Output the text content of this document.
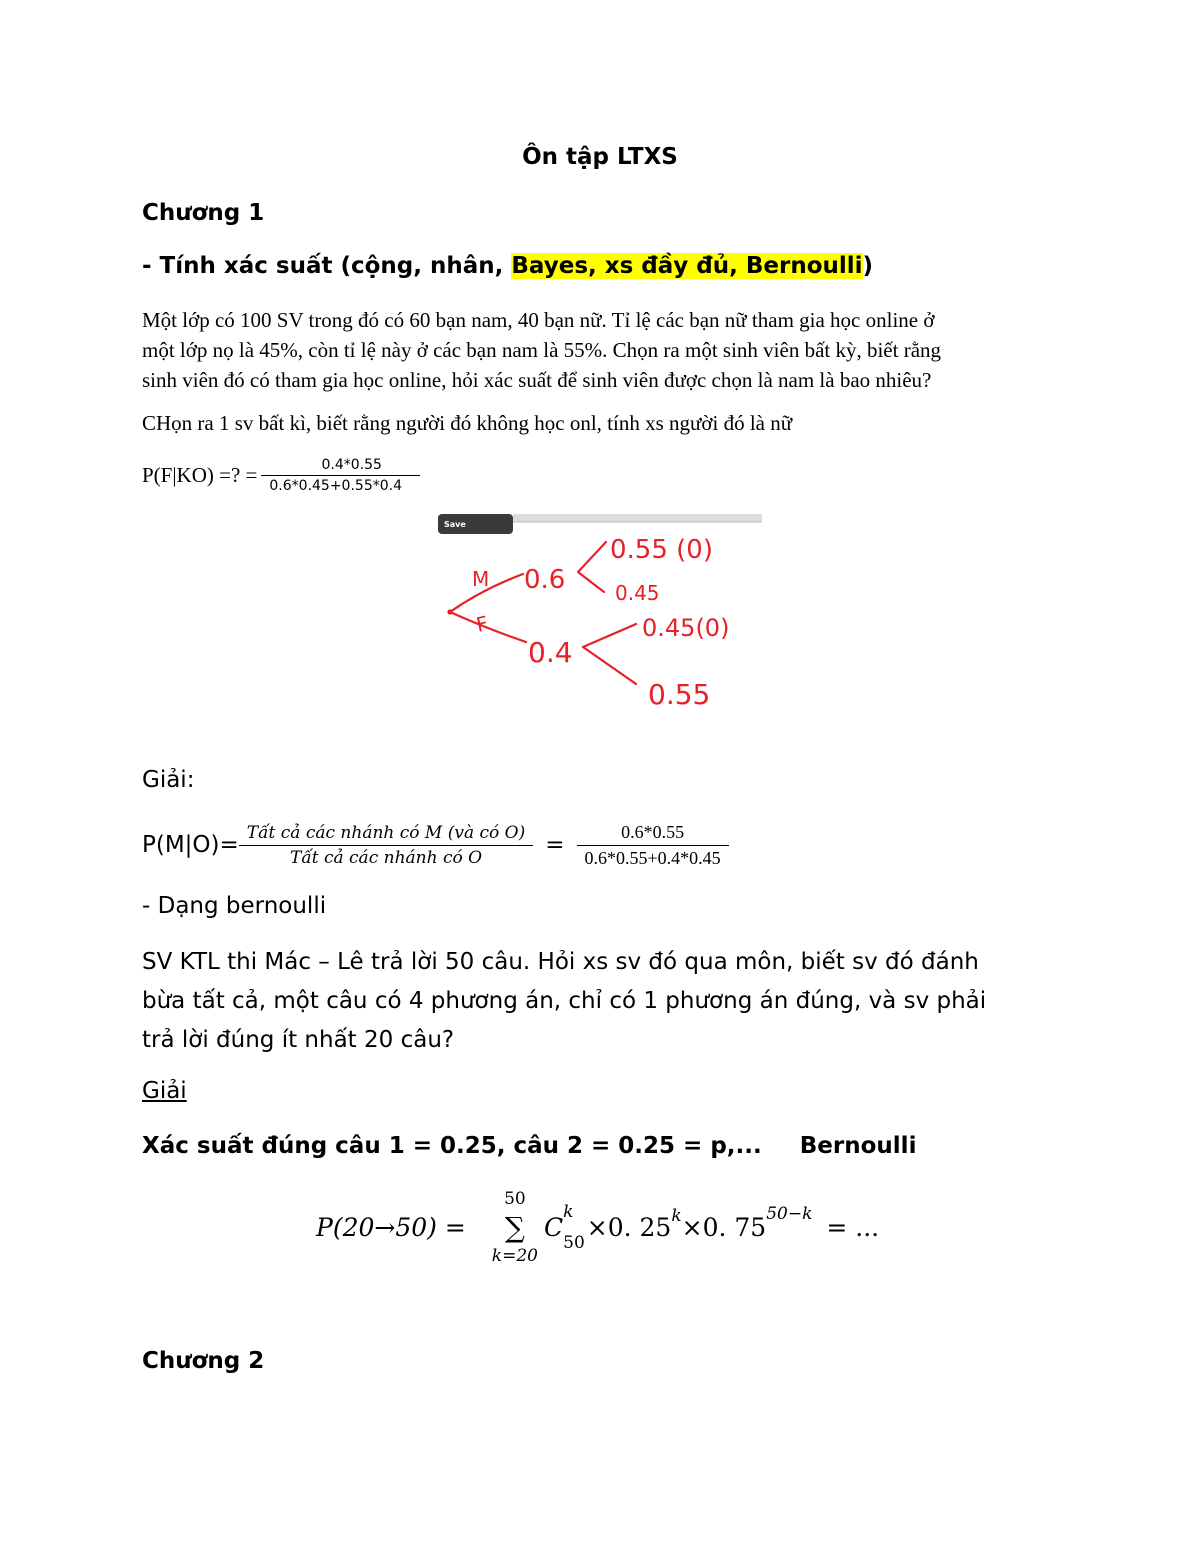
Ôn tập LTXS
Chương 1
- Tính xác suất (cộng, nhân, Bayes, xs đầy đủ, Bernoulli)
Một lớp có 100 SV trong đó có 60 bạn nam, 40 bạn nữ. Tỉ lệ các bạn nữ tham gia học online ở
một lớp nọ là 45%, còn tỉ lệ này ở các bạn nam là 55%. Chọn ra một sinh viên bất kỳ, biết rằng
sinh viên đó có tham gia học online, hỏi xác suất để sinh viên được chọn là nam là bao nhiêu?
CHọn ra 1 sv bất kì, biết rằng người đó không học onl, tính xs người đó là nữ
P(F|KO) =? = $\frac{0.4*0.55}{0.6*0.45+0.55*0.4}$
Save
M
F
0.6
0.4
0.55 (0)
0.45
0.45(0)
0.55
Giải:
$P(M|O)= \frac{\text{Tất cả các nhánh có M (và có O)}}{\text{Tất cả các nhánh có O}} = \frac{0.6*0.55}{0.6*0.55+0.4*0.45}$
- Dạng bernoulli
SV KTL thi Mác – Lê trả lời 50 câu. Hỏi xs sv đó qua môn, biết sv đó đánh
bừa tất cả, một câu có 4 phương án, chỉ có 1 phương án đúng, và sv phải
trả lời đúng ít nhất 20 câu?
Giải
Xác suất đúng câu 1 = 0.25, câu 2 = 0.25 = p,... Bernoulli
P(20→50) =
50
∑
k=20
C
k
50
×0. 25 k ×0. 75 50−k = ...
Chương 2
